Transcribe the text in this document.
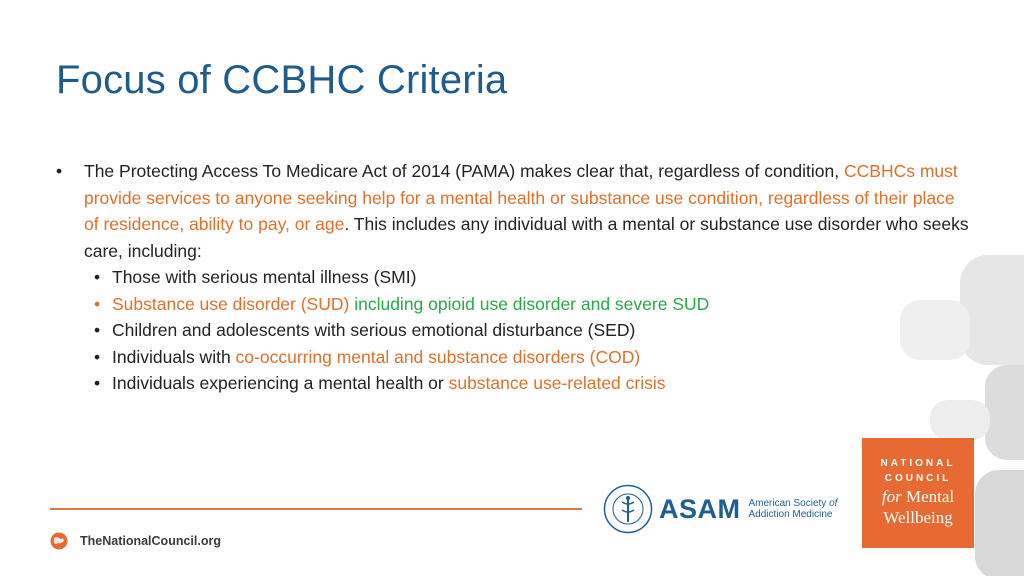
Focus of CCBHC Criteria
•	The Protecting Access To Medicare Act of 2014 (PAMA) makes clear that, regardless of condition, CCBHCs must provide services to anyone seeking help for a mental health or substance use condition, regardless of their place of residence, ability to pay, or age. This includes any individual with a mental or substance use disorder who seeks care, including:
• Those with serious mental illness (SMI)
• Substance use disorder (SUD) including opioid use disorder and severe SUD
• Children and adolescents with serious emotional disturbance (SED)
• Individuals with co-occurring mental and substance disorders (COD)
• Individuals experiencing a mental health or substance use-related crisis
TheNationalCouncil.org
ASAM American Society of
Addiction Medicine
NATIONAL
COUNCIL
for Mental
Wellbeing
